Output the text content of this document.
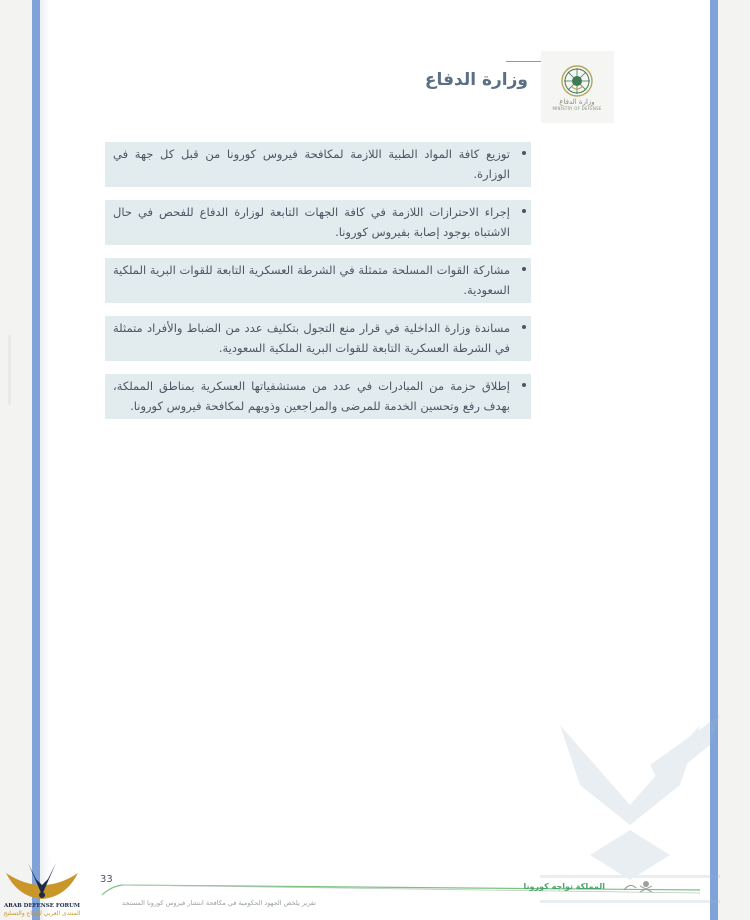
وزارة الدفاع
MINISTRY OF DEFENSE
وزارة الدفاع
توزيع كافة المواد الطبية اللازمة لمكافحة فيروس كورونا من قبل كل جهة في الوزارة.
إجراء الاحترازات اللازمة في كافة الجهات التابعة لوزارة الدفاع للفحص في حال الاشتباه بوجود إصابة بفيروس كورونا.
مشاركة القوات المسلحة متمثلة في الشرطة العسكرية التابعة للقوات البرية الملكية السعودية.
مساندة وزارة الداخلية في قرار منع التجول بتكليف عدد من الضباط والأفراد متمثلة في الشرطة العسكرية التابعة للقوات البرية الملكية السعودية.
إطلاق حزمة من المبادرات في عدد من مستشفياتها العسكرية بمناطق المملكة، بهدف رفع وتحسين الخدمة للمرضى والمراجعين وذويهم لمكافحة فيروس كورونا.
33
تقرير يلخص الجهود الحكومية في مكافحة انتشار فيروس كورونا المستجد
المملكة تواجه كورونا
ARAB DEFENSE FORUM
المنتدى العربي للدفاع والتسليح
